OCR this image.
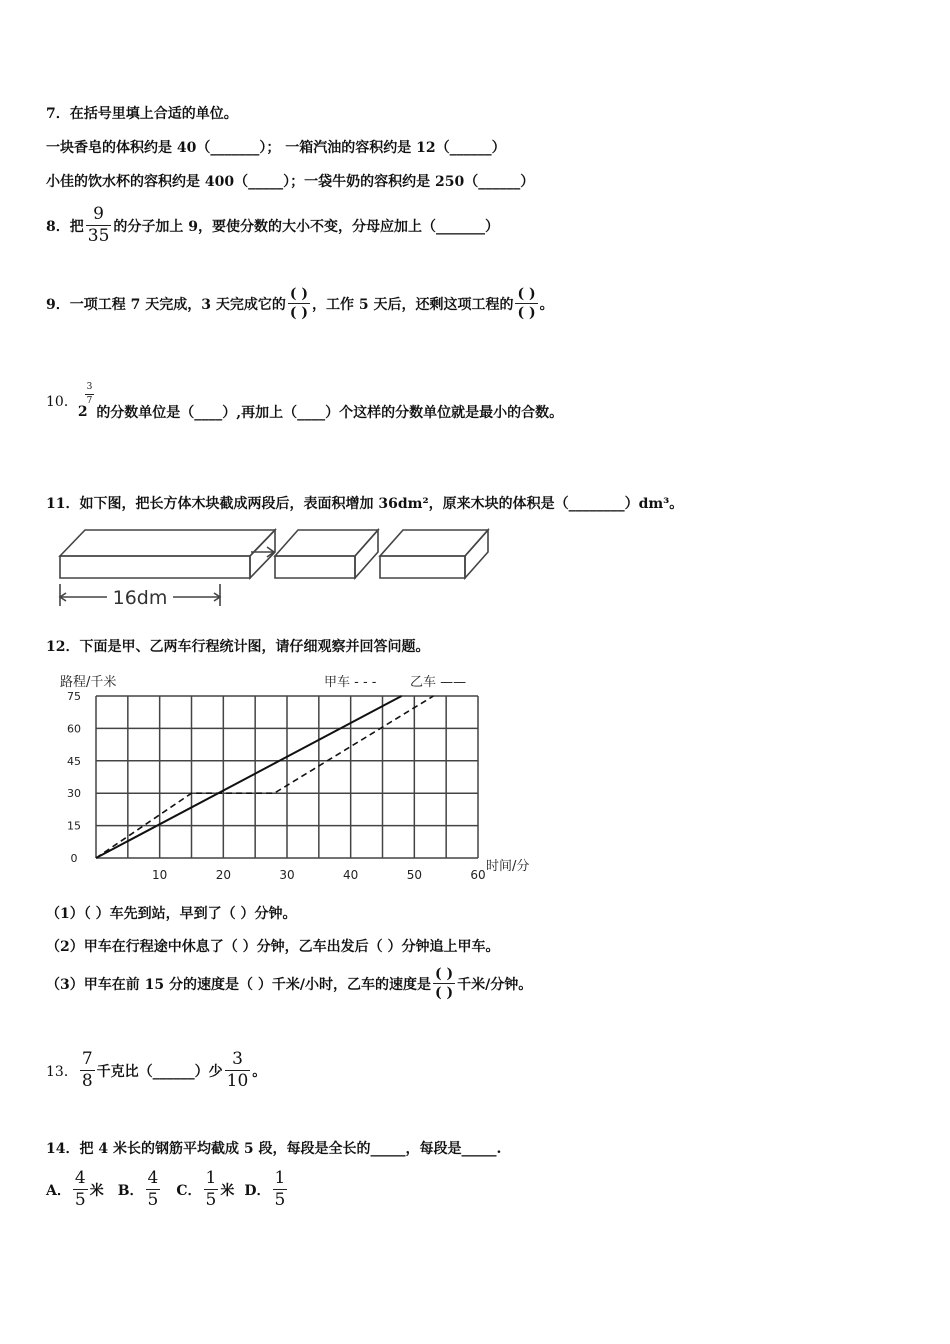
7．在括号里填上合适的单位。
一块香皂的体积约是 40（_______）； 一箱汽油的容积约是 12（______）
小佳的饮水杯的容积约是 400（_____）；一袋牛奶的容积约是 250（______）
8．把 $\frac{9}{35}$ 的分子加上 9，要使分数的大小不变，分母应加上（_______）
9．一项工程 7 天完成，3 天完成它的 $\frac{( )}{( )}$ ，工作 5 天后，还剩这项工程的 $\frac{( )}{( )}$ 。
10．
2
$\frac{3}{7}$
的分数单位是（____）,再加上（____）个这样的分数单位就是最小的合数。
11．如下图，把长方体木块截成两段后，表面积增加 36dm²，原来木块的体积是（________）dm³。
16dm
12．下面是甲、乙两车行程统计图，请仔细观察并回答问题。
75
60
45
30
15
0
10	20	30	40	50	60
路程/千米
时间/分
甲车 - - -	乙车 ——
（1）（ ）车先到站，早到了（ ）分钟。
（2）甲车在行程途中休息了（ ）分钟，乙车出发后（ ）分钟追上甲车。
（3）甲车在前 15 分的速度是（ ）千米/小时，乙车的速度是 $\frac{( )}{( )}$ 千米/分钟。
13． $\frac{7}{8}$ 千克比（______）少 $\frac{3}{10}$ 。
14．把 4 米长的钢筋平均截成 5 段，每段是全长的_____，每段是_____.
A． $\frac{4}{5}$ 米 B． $\frac{4}{5}$ C． $\frac{1}{5}$ 米 D． $\frac{1}{5}$
